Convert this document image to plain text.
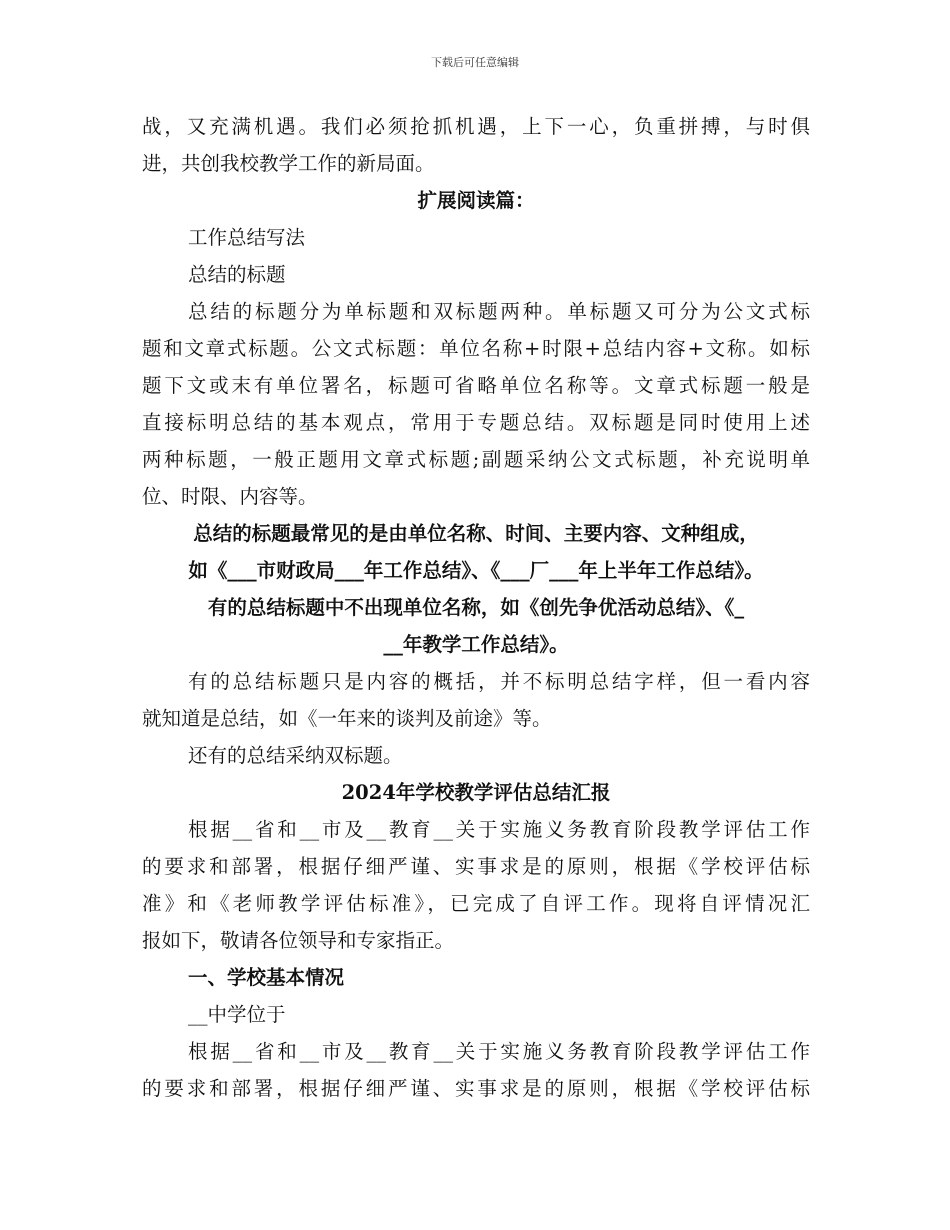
下载后可任意编辑
战，又充满机遇。我们必须抢抓机遇，上下一心，负重拼搏，与时俱
进，共创我校教学工作的新局面。
扩展阅读篇：
工作总结写法
总结的标题
总结的标题分为单标题和双标题两种。单标题又可分为公文式标
题和文章式标题。公文式标题：单位名称+时限+总结内容+文称。如标
题下文或末有单位署名，标题可省略单位名称等。文章式标题一般是
直接标明总结的基本观点，常用于专题总结。双标题是同时使用上述
两种标题，一般正题用文章式标题;副题采纳公文式标题，补充说明单
位、时限、内容等。
总结的标题最常见的是由单位名称、时间、主要内容、文种组成，
如《___市财政局___年工作总结》、《___厂___年上半年工作总结》。
有的总结标题中不出现单位名称，如《创先争优活动总结》、《_
__年教学工作总结》。
有的总结标题只是内容的概括，并不标明总结字样，但一看内容
就知道是总结，如《一年来的谈判及前途》等。
还有的总结采纳双标题。
2024年学校教学评估总结汇报
根据__省和__市及__教育__关于实施义务教育阶段教学评估工作
的要求和部署，根据仔细严谨、实事求是的原则，根据《学校评估标
准》和《老师教学评估标准》，已完成了自评工作。现将自评情况汇
报如下，敬请各位领导和专家指正。
一、学校基本情况
__中学位于
根据__省和__市及__教育__关于实施义务教育阶段教学评估工作
的要求和部署，根据仔细严谨、实事求是的原则，根据《学校评估标
